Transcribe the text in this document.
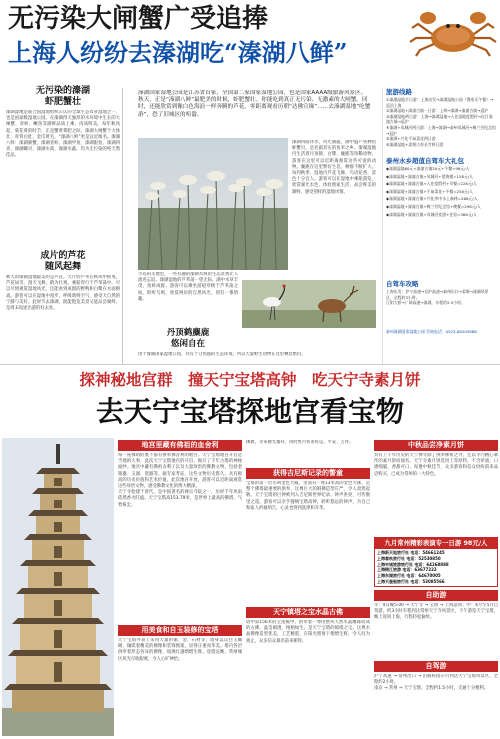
无污染大闸蟹广受追捧
上海人纷纷去溱湖吃“溱湖八鲜”
无污染的溱湖
虾肥蟹壮
溱湖湿地是联合国湿地组织公认的全球生态农业湿地之一，也是国家级湿地公园。在溱湖得天独厚的水环境中生长的大闸蟹、青虾、鳜鱼等湖鲜品质上乘，肉质鲜美。每年秋风起、菊花黄的时节，正是蟹黄膏肥之际，溱湖大闸蟹个大体壮、青背白肚、金爪黄毛，“溱湖八鲜”更是远近闻名。溱湖八鲜：溱湖簖蟹、溱湖青虾、溱湖甲鱼、溱湖银鱼、溱湖四喜、溱湖螺贝、溱湖水禽、溱湖水蔬，均为无污染的纯天然佳品。
成片的芦花
随风起舞
秋天的溱湖湿地最美的是芦花。大片的芦苇在秋风中摇曳，芦花如雪，漫天飞舞，蔚为壮观。乘船穿行于芦苇荡中，可以尽情观赏湿地风光，还能看到成群的野鸭和白鹭在水面嬉戏。游客可以在湿地中漫步，呼吸新鲜空气，感受大自然的宁静与美好。此时节去溱湖，既能饱览美景又能品尝湖鲜，是周末短途出游的好去处。
溱湖国家湿地公园是江苏省首家，全国第二家国家湿地公园，也是国家AAAA级旅游风景区。
秋天，正是“溱湖八鲜”最肥美的时候，虾肥蟹壮。你能吃到真正无污染、无激素的大闸蟹。同时，还能欣赏到像白色海浪一样奔腾的芦花，零距离观看历朝“达佛宣缘”……去溱湖湿地“吃蟹游”，恐了旧城区的喧嚣。
溱湖四面环水，风光旖旎，湖中盛产各种鱼虾蟹贝，是名副其实的鱼米之乡。溱湖湿地内生活着丹顶鹤、白鹭、麋鹿等珍稀动物，游客在这里可以近距离观赏这些可爱的动物。麋鹿在这里繁衍生息，种群不断扩大。每到秋季，湿地内芦花飞舞，鸟语花香，景色十分宜人。游客可以在湿地中乘船游览，欣赏湖光水色，体验渔家生活，品尝鲜美的湖鲜，感受别样的湿地风情。
小岛的圣地里，一些有趣的溱湖水域的生态景观让人流连忘返。溱湖湿地的芦苇荡一望无际，湖中水草丰茂，鱼虾成群。游客可以乘坐游船穿梭于芦苇荡之间，聆听鸟鸣，欣赏两岸的自然风光，别有一番情趣。
丹顶鹤麋鹿
悠闲自在
由于溱湖国家湿地公园，具有十分优越的生态环境，所以大量野生动物在这里栖息繁衍。
旅游线路
①溱湖湿地半日游：上海出发→溱湖湿地公园（渔家乐午餐）→返回上海
②溱湖湿地+溱潼古镇一日游：上海→溱湖→溱潼古镇→返沪
③溱湖湿地两日游：上海→溱湖湿地→入住湿地度假村→次日溱潼古镇→返沪
④溱湖+凤城河两日游：上海→溱湖→泰州凤城河→梅兰芳纪念馆→返沪
⑤溱湖+兴化千垛菜花两日游
⑥溱湖湿地+姜堰古寿圣寺两日游
泰州水乡超值自驾车大礼包
◆溱湖湿地60元+溱潼古镇20元+午餐=98元/人
◆溱湖湿地+溱潼古镇+凤城河+望海楼=158元/人
◆溱湖湿地+溱潼古镇+入住度假村+早餐=228元/人
◆溱湖湿地+溱潼古镇+千垛菜花+午餐=258元/人
◆溱湖湿地+溱潼古镇+兴化李中水上森林=268元/人
◆溱湖湿地+溱潼古镇+梅兰芳纪念馆+晚餐=298元/人
◆溱湖湿地+溱潼古镇+凤城河夜游+住宿=388元/人
自驾车攻略
上海出发：沪宁高速→京沪高速→泰州出口→姜堰→溱湖风景区，全程约3小时。
江阴大桥→广靖高速→溱湖，车程约2.5小时。
泰州溱湖国家湿地公园 咨询电话：0523-88203888
探神秘地宫群　撞天宁宝塔高钟　吃天宁寺素月饼
去天宁宝塔探地宫看宝物
地宫里藏有佛祖的血舍利
每一座佛塔的底下都有供奉佛舍利的地宫。天宁宝塔地宫开启是当地的大事，此次天宁宝塔地宫的开启，揭开了千年古塔的神秘面纱。地宫中藏有佛祖舍利子以及大量珍贵的佛教文物，包括金银器、玉器、瓷器等。据专家考证，这些文物历史悠久，具有极高的历史价值和艺术价值。此次地宫开放，游客可以近距离观赏这些珍贵文物，感受佛教文化的博大精深。
天宁寺始建于唐代，是中国著名的禅宗寺院之一，历经千年风雨依然香火旺盛。天宁宝塔高153.79米，是世界上最高的佛塔，气势恢宏。
用美食和自玉装修的宝塔
天宁宝塔外表上采用大量的铜、金、石材等，塔身以汉白玉雕砌，镶嵌着精美的佛像和装饰图案，显得庄重而华美。塔内各层供奉着形态各异的佛像，琉璃灯盏熠熠生辉。登塔远眺，常州城区风光尽收眼底，令人心旷神怡。
佛教，寻来佛光福祥，同时更可祈求好运、平安、吉祥。
获得吉尼斯记录的瞥童
宝塔的第一层名叫金色大殿，里面有一尊13米高的金色大佛，是整个佛塔最重要的供奉。这尊巨大的铜佛造型庄严，令人肃然起敬。天宁宝塔的巨钟被列入吉尼斯世界纪录，钟声洪亮，可传数里之遥。游客可以亲手撞响宝塔高钟，聆听悠远的钟声，为自己和家人祈福纳吉，心灵也得到洗涤和升华。
天宁镇塔之宝水晶古佛
塔中第156米的宝莲殿中，供奉着一尊由整块天然水晶雕琢而成的古佛，晶莹剔透，栩栩如生，是天宁宝塔的镇塔之宝。这尊水晶佛像造型优美，工艺精湛，在阳光照射下熠熠生辉，令人叹为观止。众多信众慕名前来朝拜。
中秋品尝净素月饼
具有上千年历史的天宁禅寺除了供奉佛祖之外，还以寺内精心制作的素月饼而闻名。天宁寺素月饼选用上等原料，不含荤油，口感细腻，香甜可口。每逢中秋佳节，众多游客和信众纷纷前来品尝购买，已成为常州的一大特色。
九月常州精彩表演专一日游 98元/人
上海新天地旅行社 电话：54661245
上海春秋旅行社 电话：52530850
上海申城旅游旅行社 电话：64268888
上海锦江旅游 电话：63677222
上海东湖旅行社 电话：64670005
上海天鹿船旅行社 电话：53085566
自助游
早：4日晚5:00 → 天宁寺 → 宝塔 → 上海返回；中：4月至5月自驾游，约3小时车程到达常州天宁寺风景区，下午游览天宁宝塔，晚上返回上海，行程轻松愉快。
自驾游
沪宁高速 → 常州出口 → 沿路标指示可到达天宁宝塔风景区，全程约2小时。
南京 → 常州 → 天宁宝塔，全程约1.5小时，交通十分便利。
